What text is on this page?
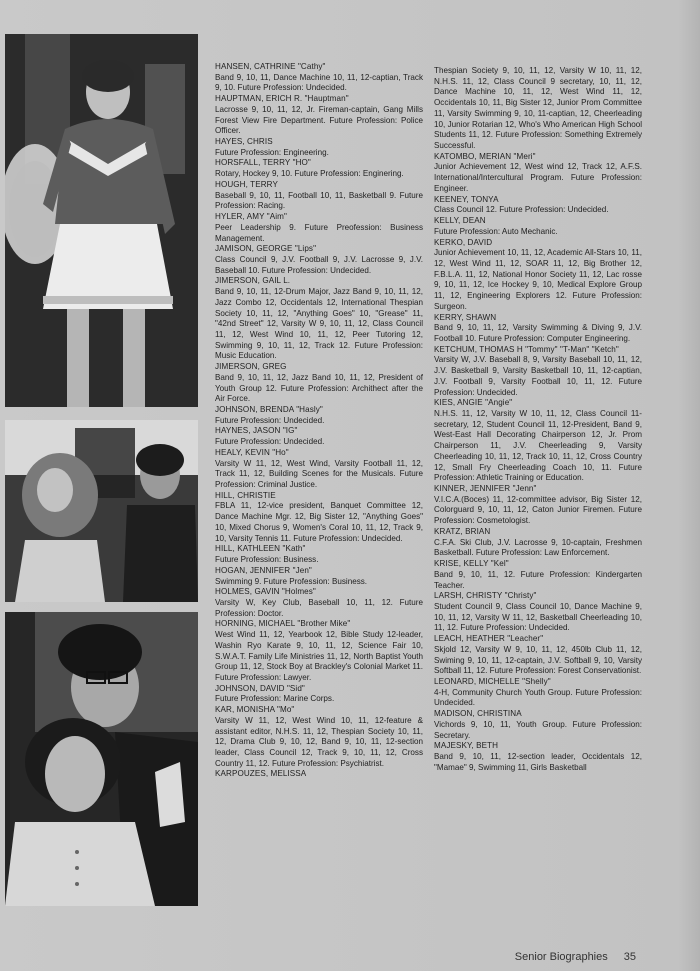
HANSEN, CATHRINE "Cathy"
Band 9, 10, 11, Dance Machine 10, 11, 12-captian, Track 9, 10. Future Profession: Undecided.
HAUPTMAN, ERICH R. "Hauptman"
Lacrosse 9, 10, 11, 12, Jr. Fireman-captain, Gang Mills Forest View Fire Department. Future Profession: Police Officer.
HAYES, CHRIS
Future Profession: Engineering.
HORSFALL, TERRY "HO"
Rotary, Hockey 9, 10. Future Profession: Enginering.
HOUGH, TERRY
Baseball 9, 10, 11, Football 10, 11, Basketball 9. Future Profession: Racing.
HYLER, AMY "Aim"
Peer Leadership 9. Future Preofession: Business Management.
JAMISON, GEORGE "Lips"
Class Council 9, J.V. Football 9, J.V. Lacrosse 9, J.V. Baseball 10. Future Profession: Undecided.
JIMERSON, GAIL L.
Band 9, 10, 11, 12-Drum Major, Jazz Band 9, 10, 11, 12, Jazz Combo 12, Occidentals 12, International Thespian Society 10, 11, 12, "Anything Goes" 10, "Grease" 11, "42nd Street" 12, Varsity W 9, 10, 11, 12, Class Council 11, 12, West Wind 10, 11, 12, Peer Tutoring 12, Swimming 9, 10, 11, 12, Track 12. Future Profession: Music Education.
JIMERSON, GREG
Band 9, 10, 11, 12, Jazz Band 10, 11, 12, President of Youth Group 12. Future Profession: Archithect after the Air Force.
JOHNSON, BRENDA "Hasly"
Future Profession: Undecided.
HAYNES, JASON "IG"
Future Profession: Undecided.
HEALY, KEVIN "Ho"
Varsity W 11, 12, West Wind, Varsity Football 11, 12, Track 11, 12, Building Scenes for the Musicals. Future Profession: Criminal Justice.
HILL, CHRISTIE
FBLA 11, 12-vice president, Banquet Committee 12, Dance Machine Mgr. 12, Big Sister 12, "Anything Goes" 10, Mixed Chorus 9, Women's Coral 10, 11, 12, Track 9, 10, Varsity Tennis 11. Future Profession: Undecided.
HILL, KATHLEEN "Kath"
Future Profession: Business.
HOGAN, JENNIFER "Jen"
Swimming 9. Future Profession: Business.
HOLMES, GAVIN "Holmes"
Varsity W, Key Club, Baseball 10, 11, 12. Future Profession: Doctor.
HORNING, MICHAEL "Brother Mike"
West Wind 11, 12, Yearbook 12, Bible Study 12-leader, Washin Ryo Karate 9, 10, 11, 12, Science Fair 10, S.W.A.T. Family Life Ministries 11, 12, North Baptist Youth Group 11, 12, Stock Boy at Brackley's Colonial Market 11. Future Profession: Lawyer.
JOHNSON, DAVID "Sid"
Future Profession: Marine Corps.
KAR, MONISHA "Mo"
Varsity W 11, 12, West Wind 10, 11, 12-feature & assistant editor, N.H.S. 11, 12, Thespian Society 10, 11, 12, Drama Club 9, 10, 12, Band 9, 10, 11, 12-section leader, Class Council 12, Track 9, 10, 11, 12, Cross Country 11, 12. Future Profession: Psychiatrist.
KARPOUZES, MELISSA
Thespian Society 9, 10, 11, 12, Varsity W 10, 11, 12, N.H.S. 11, 12, Class Council 9 secretary, 10, 11, 12, Dance Machine 10, 11, 12, West Wind 11, 12, Occidentals 10, 11, Big Sister 12, Junior Prom Committee 11, Varsity Swimming 9, 10, 11-captian, 12, Cheerleading 10, Junior Rotarian 12, Who's Who American High School Students 11, 12. Future Profession: Something Extremely Successful.
KATOMBO, MERIAN "Meri"
Junior Achievement 12, West wind 12, Track 12, A.F.S. International/Intercultural Program. Future Profession: Engineer.
KEENEY, TONYA
Class Council 12. Future Profession: Undecided.
KELLY, DEAN
Future Profession: Auto Mechanic.
KERKO, DAVID
Junior Achievement 10, 11, 12, Academic All-Stars 10, 11, 12, West Wind 11, 12, SOAR 11, 12, Big Brother 12, F.B.L.A. 11, 12, National Honor Society 11, 12, Lac rosse 9, 10, 11, 12, Ice Hockey 9, 10, Medical Explore Group 11, 12, Engineering Explorers 12. Future Profession: Surgeon.
KERRY, SHAWN
Band 9, 10, 11, 12, Varsity Swimming & Diving 9, J.V. Football 10. Future Profession: Computer Engineering.
KETCHUM, THOMAS H "Tommy" "T-Man" "Ketch"
Varsity W, J.V. Baseball 8, 9, Varsity Baseball 10, 11, 12, J.V. Basketball 9, Varsity Basketball 10, 11, 12-captian, J.V. Football 9, Varsity Football 10, 11, 12. Future Profession: Undecided.
KIES, ANGIE "Angie"
N.H.S. 11, 12, Varsity W 10, 11, 12, Class Council 11-secretary, 12, Student Council 11, 12-President, Band 9, West-East Hall Decorating Chairperson 12, Jr. Prom Chairperson 11, J.V. Cheerleading 9, Varsity Cheerleading 10, 11, 12, Track 10, 11, 12, Cross Country 12, Small Fry Cheerleading Coach 10, 11. Future Profession: Athletic Training or Education.
KINNER, JENNIFER "Jenn"
V.I.C.A.(Boces) 11, 12-committee advisor, Big Sister 12, Colorguard 9, 10, 11, 12, Caton Junior Firemen. Future Profession: Cosmetologist.
KRATZ, BRIAN
C.F.A. Ski Club, J.V. Lacrosse 9, 10-captain, Freshmen Basketball. Future Profession: Law Enforcement.
KRISE, KELLY "Kel"
Band 9, 10, 11, 12. Future Profession: Kindergarten Teacher.
LARSH, CHRISTY "Christy"
Student Council 9, Class Council 10, Dance Machine 9, 10, 11, 12, Varsity W 11, 12, Basketball Cheerleading 10, 11, 12. Future Profession: Undecided.
LEACH, HEATHER "Leacher"
Skjold 12, Varsity W 9, 10, 11, 12, 450lb Club 11, 12, Swiming 9, 10, 11, 12-captain, J.V. Softball 9, 10, Varsity Softball 11, 12. Future Profession: Forest Conservationist.
LEONARD, MICHELLE "Shelly"
4-H, Community Church Youth Group. Future Profession: Undecided.
MADISON, CHRISTINA
Vichords 9, 10, 11, Youth Group. Future Profession: Secretary.
MAJESKY, BETH
Band 9, 10, 11, 12-section leader, Occidentals 12, "Mamae" 9, Swimming 11, Girls Basketball
Senior Biographies 35
